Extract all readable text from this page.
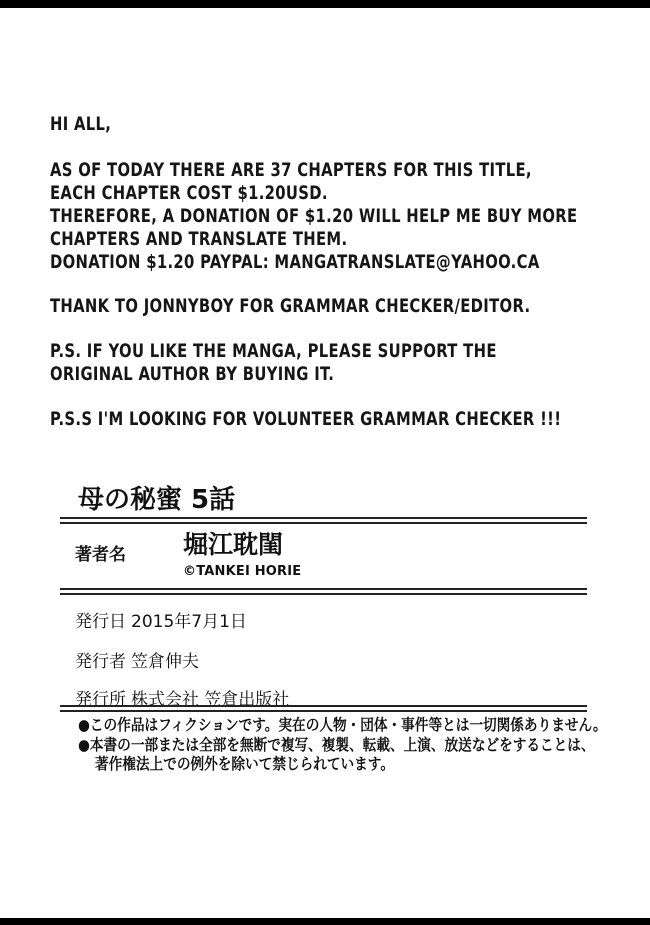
HI ALL,
AS OF TODAY THERE ARE 37 CHAPTERS FOR THIS TITLE,
EACH CHAPTER COST $1.20USD.
THEREFORE, A DONATION OF $1.20 WILL HELP ME BUY MORE
CHAPTERS AND TRANSLATE THEM.
DONATION $1.20 PAYPAL: MANGATRANSLATE@YAHOO.CA
THANK TO JONNYBOY FOR GRAMMAR CHECKER/EDITOR.
P.S. IF YOU LIKE THE MANGA, PLEASE SUPPORT THE
ORIGINAL AUTHOR BY BUYING IT.
P.S.S I'M LOOKING FOR VOLUNTEER GRAMMAR CHECKER !!!
母の秘蜜 5話
著者名 堀江耽閨
©TANKEI HORIE
発行日 2015年7月1日
発行者 笠倉伸夫
発行所 株式会社 笠倉出版社
●この作品はフィクションです。実在の人物・団体・事件等とは一切関係ありません。
●本書の一部または全部を無断で複写、複製、転載、上演、放送などをすることは、
著作権法上での例外を除いて禁じられています。
